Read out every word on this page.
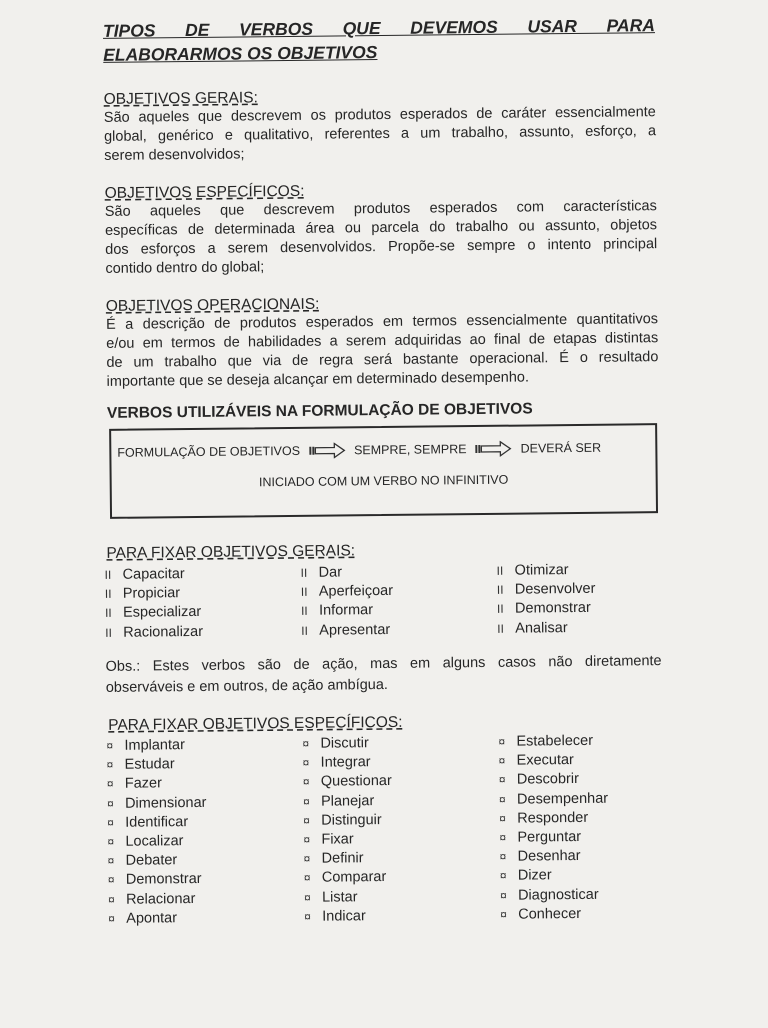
TIPOS DE VERBOS QUE DEVEMOS USAR PARA
ELABORARMOS OS OBJETIVOS
OBJETIVOS GERAIS:
São aqueles que descrevem os produtos esperados de caráter essencialmente
global, genérico e qualitativo, referentes a um trabalho, assunto, esforço, a
serem desenvolvidos;
OBJETIVOS ESPECÍFICOS:
São aqueles que descrevem produtos esperados com características
específicas de determinada área ou parcela do trabalho ou assunto, objetos
dos esforços a serem desenvolvidos. Propõe-se sempre o intento principal
contido dentro do global;
OBJETIVOS OPERACIONAIS:
É a descrição de produtos esperados em termos essencialmente quantitativos
e/ou em termos de habilidades a serem adquiridas ao final de etapas distintas
de um trabalho que via de regra será bastante operacional. É o resultado
importante que se deseja alcançar em determinado desempenho.
VERBOS UTILIZÁVEIS NA FORMULAÇÃO DE OBJETIVOS
FORMULAÇÃO DE OBJETIVOS	SEMPRE, SEMPRE	DEVERÁ SER
INICIADO COM UM VERBO NO INFINITIVO
PARA FIXAR OBJETIVOS GERAIS:
II Capacitar
II Propiciar
II Especializar
II Racionalizar
II Dar
II Aperfeiçoar
II Informar
II Apresentar
II Otimizar
II Desenvolver
II Demonstrar
II Analisar
Obs.: Estes verbos são de ação, mas em alguns casos não diretamente
observáveis e em outros, de ação ambígua.
PARA FIXAR OBJETIVOS ESPECÍFICOS:
¤ Implantar
¤ Estudar
¤ Fazer
¤ Dimensionar
¤ Identificar
¤ Localizar
¤ Debater
¤ Demonstrar
¤ Relacionar
¤ Apontar
¤ Discutir
¤ Integrar
¤ Questionar
¤ Planejar
¤ Distinguir
¤ Fixar
¤ Definir
¤ Comparar
¤ Listar
¤ Indicar
¤ Estabelecer
¤ Executar
¤ Descobrir
¤ Desempenhar
¤ Responder
¤ Perguntar
¤ Desenhar
¤ Dizer
¤ Diagnosticar
¤ Conhecer
